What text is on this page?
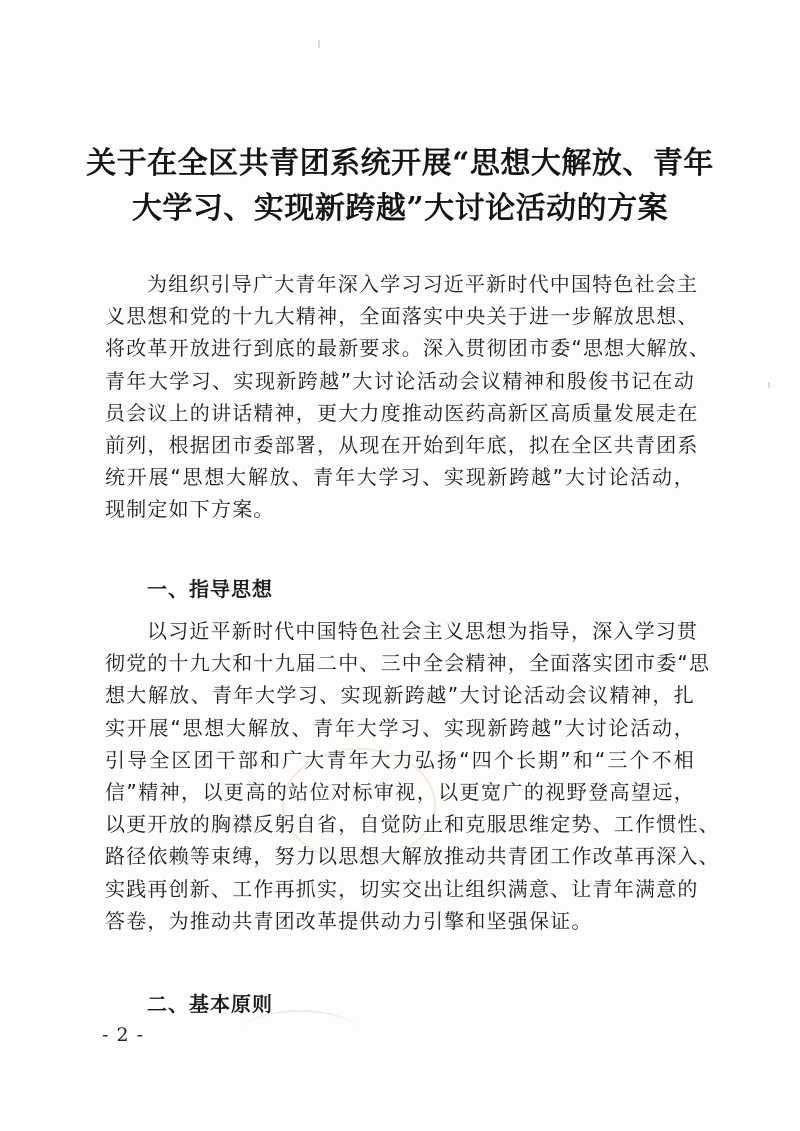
关于在全区共青团系统开展“思想大解放、青年
大学习、实现新跨越”大讨论活动的方案
为组织引导广大青年深入学习习近平新时代中国特色社会主
义思想和党的十九大精神，全面落实中央关于进一步解放思想、
将改革开放进行到底的最新要求。深入贯彻团市委“思想大解放、
青年大学习、实现新跨越”大讨论活动会议精神和殷俊书记在动
员会议上的讲话精神，更大力度推动医药高新区高质量发展走在
前列，根据团市委部署，从现在开始到年底，拟在全区共青团系
统开展“思想大解放、青年大学习、实现新跨越”大讨论活动，
现制定如下方案。
一、指导思想
以习近平新时代中国特色社会主义思想为指导，深入学习贯
彻党的十九大和十九届二中、三中全会精神，全面落实团市委“思
想大解放、青年大学习、实现新跨越”大讨论活动会议精神，扎
实开展“思想大解放、青年大学习、实现新跨越”大讨论活动，
引导全区团干部和广大青年大力弘扬“四个长期”和“三个不相
信”精神，以更高的站位对标审视，以更宽广的视野登高望远，
以更开放的胸襟反躬自省，自觉防止和克服思维定势、工作惯性、
路径依赖等束缚，努力以思想大解放推动共青团工作改革再深入、
实践再创新、工作再抓实，切实交出让组织满意、让青年满意的
答卷，为推动共青团改革提供动力引擎和坚强保证。
二、基本原则
- 2 -
